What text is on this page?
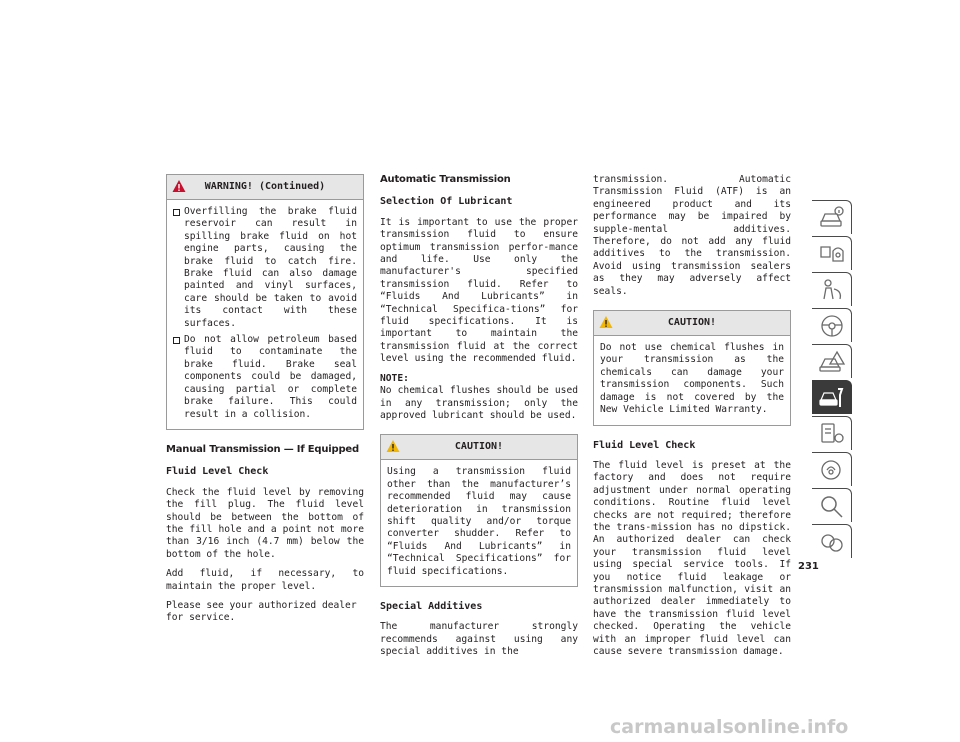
WARNING! (Continued)
Overfilling the brake fluid reservoir can result in spilling brake fluid on hot engine parts, causing the brake fluid to catch fire. Brake fluid can also damage painted and vinyl surfaces, care should be taken to avoid its contact with these surfaces.
Do not allow petroleum based fluid to contaminate the brake fluid. Brake seal components could be damaged, causing partial or complete brake failure. This could result in a collision.
Manual Transmission — If Equipped
Fluid Level Check

Check the fluid level by removing the fill plug. The fluid level should be between the bottom of the fill hole and a point not more than 3/16 inch (4.7 mm) below the bottom of the hole.

Add fluid, if necessary, to maintain the proper level.

Please see your authorized dealer for service.

Automatic Transmission
Selection Of Lubricant

It is important to use the proper transmission fluid to ensure optimum transmission perfor-mance and life. Use only the manufacturer's specified transmission fluid. Refer to “Fluids And Lubricants” in “Technical Specifica-tions” for fluid specifications. It is important to maintain the transmission fluid at the correct level using the recommended fluid.

NOTE:

No chemical flushes should be used in any transmission; only the approved lubricant should be used.

CAUTION!

Using a transmission fluid other than the manufacturer’s recommended fluid may cause deterioration in transmission shift quality and/or torque converter shudder. Refer to “Fluids And Lubricants” in “Technical Specifications” for fluid specifications.

Special Additives

The manufacturer strongly recommends against using any special additives in the

transmission. Automatic Transmission Fluid (ATF) is an engineered product and its performance may be impaired by supple-mental additives. Therefore, do not add any fluid additives to the transmission. Avoid using transmission sealers as they may adversely affect seals.

CAUTION!

Do not use chemical flushes in your transmission as the chemicals can damage your transmission components. Such damage is not covered by the New Vehicle Limited Warranty.

Fluid Level Check

The fluid level is preset at the factory and does not require adjustment under normal operating conditions. Routine fluid level checks are not required; therefore the trans-mission has no dipstick. An authorized dealer can check your transmission fluid level using special service tools. If you notice fluid leakage or transmission malfunction, visit an authorized dealer immediately to have the transmission fluid level checked. Operating the vehicle with an improper fluid level can cause severe transmission damage.

231
carmanualsonline.info
